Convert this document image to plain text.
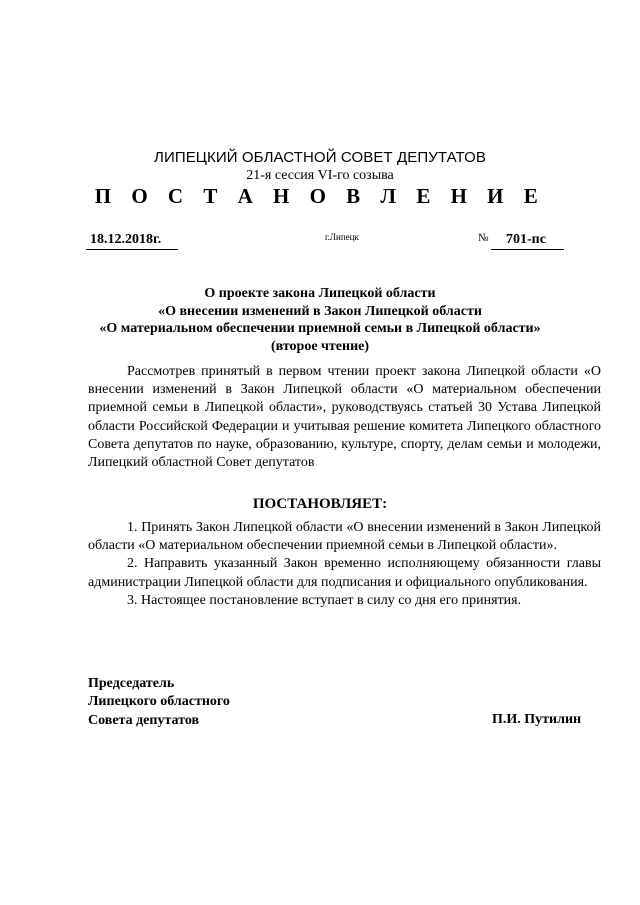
ЛИПЕЦКИЙ ОБЛАСТНОЙ СОВЕТ ДЕПУТАТОВ
21-я сессия VI-го созыва
П О С Т А Н О В Л Е Н И Е
18.12.2018г.	г.Липецк	№ 701-пс
О проекте закона Липецкой области
«О внесении изменений в Закон Липецкой области
«О материальном обеспечении приемной семьи в Липецкой области»
(второе чтение)
Рассмотрев принятый в первом чтении проект закона Липецкой области «О внесении изменений в Закон Липецкой области «О материальном обеспечении приемной семьи в Липецкой области», руководствуясь статьей 30 Устава Липецкой области Российской Федерации и учитывая решение комитета Липецкого областного Совета депутатов по науке, образованию, культуре, спорту, делам семьи и молодежи, Липецкий областной Совет депутатов
ПОСТАНОВЛЯЕТ:
1. Принять Закон Липецкой области «О внесении изменений в Закон Липецкой области «О материальном обеспечении приемной семьи в Липецкой области».
2. Направить указанный Закон временно исполняющему обязанности главы администрации Липецкой области для подписания и официального опубликования.
3. Настоящее постановление вступает в силу со дня его принятия.
Председатель
Липецкого областного
Совета депутатов	П.И. Путилин
